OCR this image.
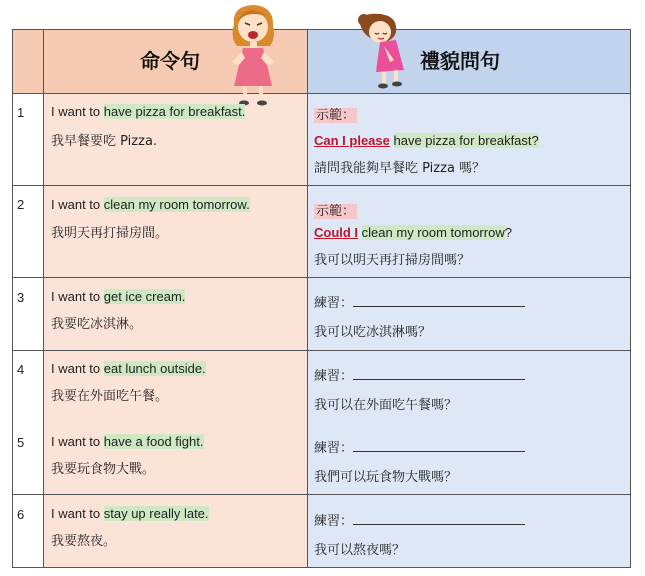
命令句	禮貌問句
1 I want to have pizza for breakfast.
我早餐要吃 Pizza.
示範：
Can I please have pizza for breakfast?
請問我能夠早餐吃 Pizza 嗎？
2 I want to clean my room tomorrow.
我明天再打掃房間。
示範：
Could I clean my room tomorrow?
我可以明天再打掃房間嗎？
3 I want to get ice cream.
我要吃冰淇淋。
練習：
我可以吃冰淇淋嗎？
4 I want to eat lunch outside.
我要在外面吃午餐。
練習：
我可以在外面吃午餐嗎？
5 I want to have a food fight.
我要玩食物大戰。
練習：
我們可以玩食物大戰嗎？
6 I want to stay up really late.
我要熬夜。
練習：
我可以熬夜嗎？
